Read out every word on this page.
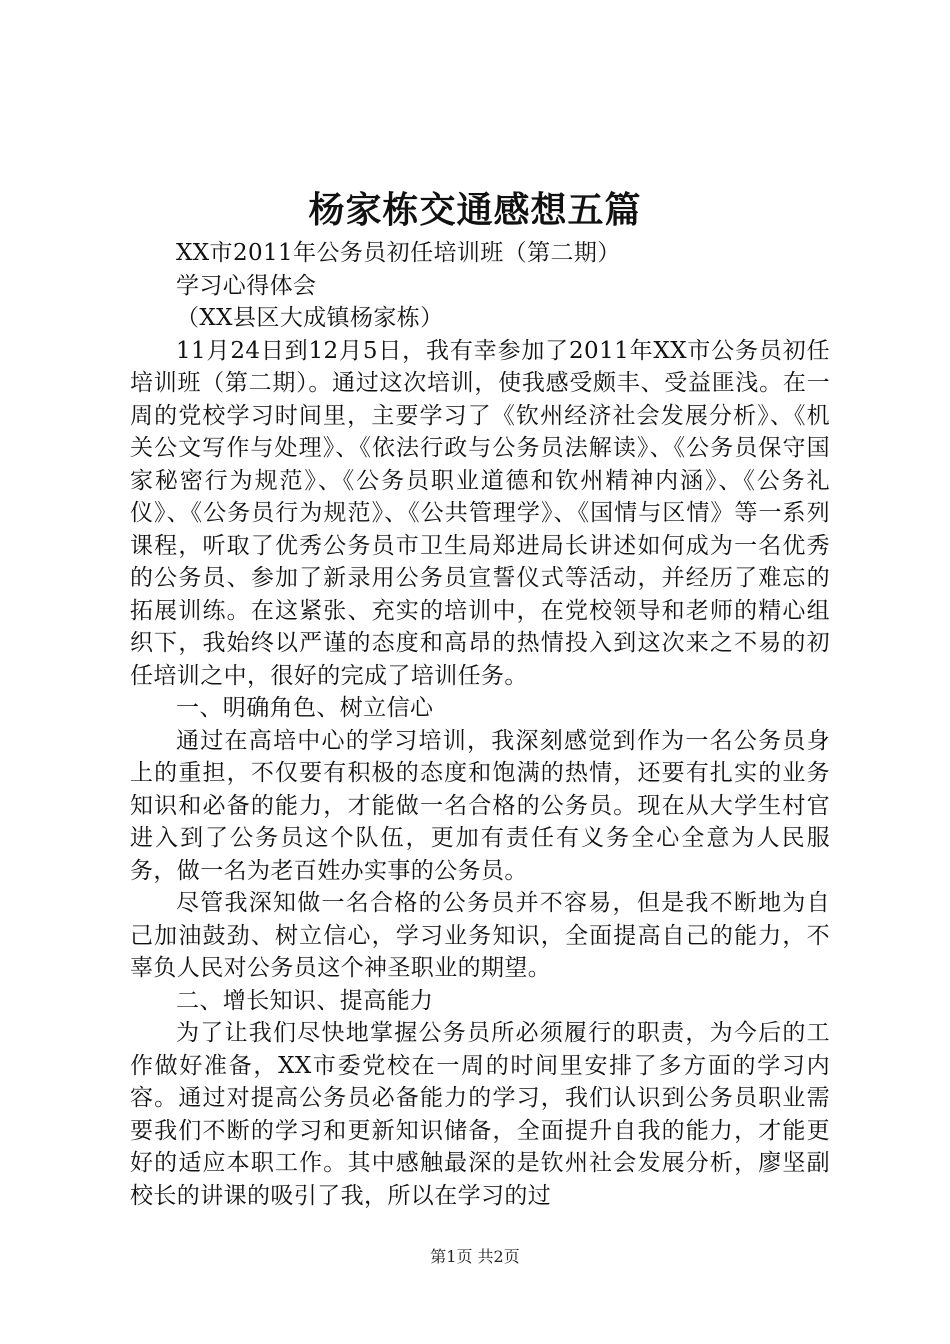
杨家栋交通感想五篇

XX市2011年公务员初任培训班（第二期）

学习心得体会

（XX县区大成镇杨家栋）

11月24日到12月5日，我有幸参加了2011年XX市公务员初任培训班（第二期）。通过这次培训，使我感受颇丰、受益匪浅。在一周的党校学习时间里，主要学习了《钦州经济社会发展分析》、《机关公文写作与处理》、《依法行政与公务员法解读》、《公务员保守国家秘密行为规范》、《公务员职业道德和钦州精神内涵》、《公务礼仪》、《公务员行为规范》、《公共管理学》、《国情与区情》等一系列课程，听取了优秀公务员市卫生局郑进局长讲述如何成为一名优秀的公务员、参加了新录用公务员宣誓仪式等活动，并经历了难忘的拓展训练。在这紧张、充实的培训中，在党校领导和老师的精心组织下，我始终以严谨的态度和高昂的热情投入到这次来之不易的初任培训之中，很好的完成了培训任务。

一、明确角色、树立信心

通过在高培中心的学习培训，我深刻感觉到作为一名公务员身上的重担，不仅要有积极的态度和饱满的热情，还要有扎实的业务知识和必备的能力，才能做一名合格的公务员。现在从大学生村官进入到了公务员这个队伍，更加有责任有义务全心全意为人民服务，做一名为老百姓办实事的公务员。

尽管我深知做一名合格的公务员并不容易，但是我不断地为自己加油鼓劲、树立信心，学习业务知识，全面提高自己的能力，不辜负人民对公务员这个神圣职业的期望。

二、增长知识、提高能力

为了让我们尽快地掌握公务员所必须履行的职责，为今后的工作做好准备，XX市委党校在一周的时间里安排了多方面的学习内容。通过对提高公务员必备能力的学习，我们认识到公务员职业需要我们不断的学习和更新知识储备，全面提升自我的能力，才能更好的适应本职工作。其中感触最深的是钦州社会发展分析，廖坚副校长的讲课的吸引了我，所以在学习的过

第1页 共2页
